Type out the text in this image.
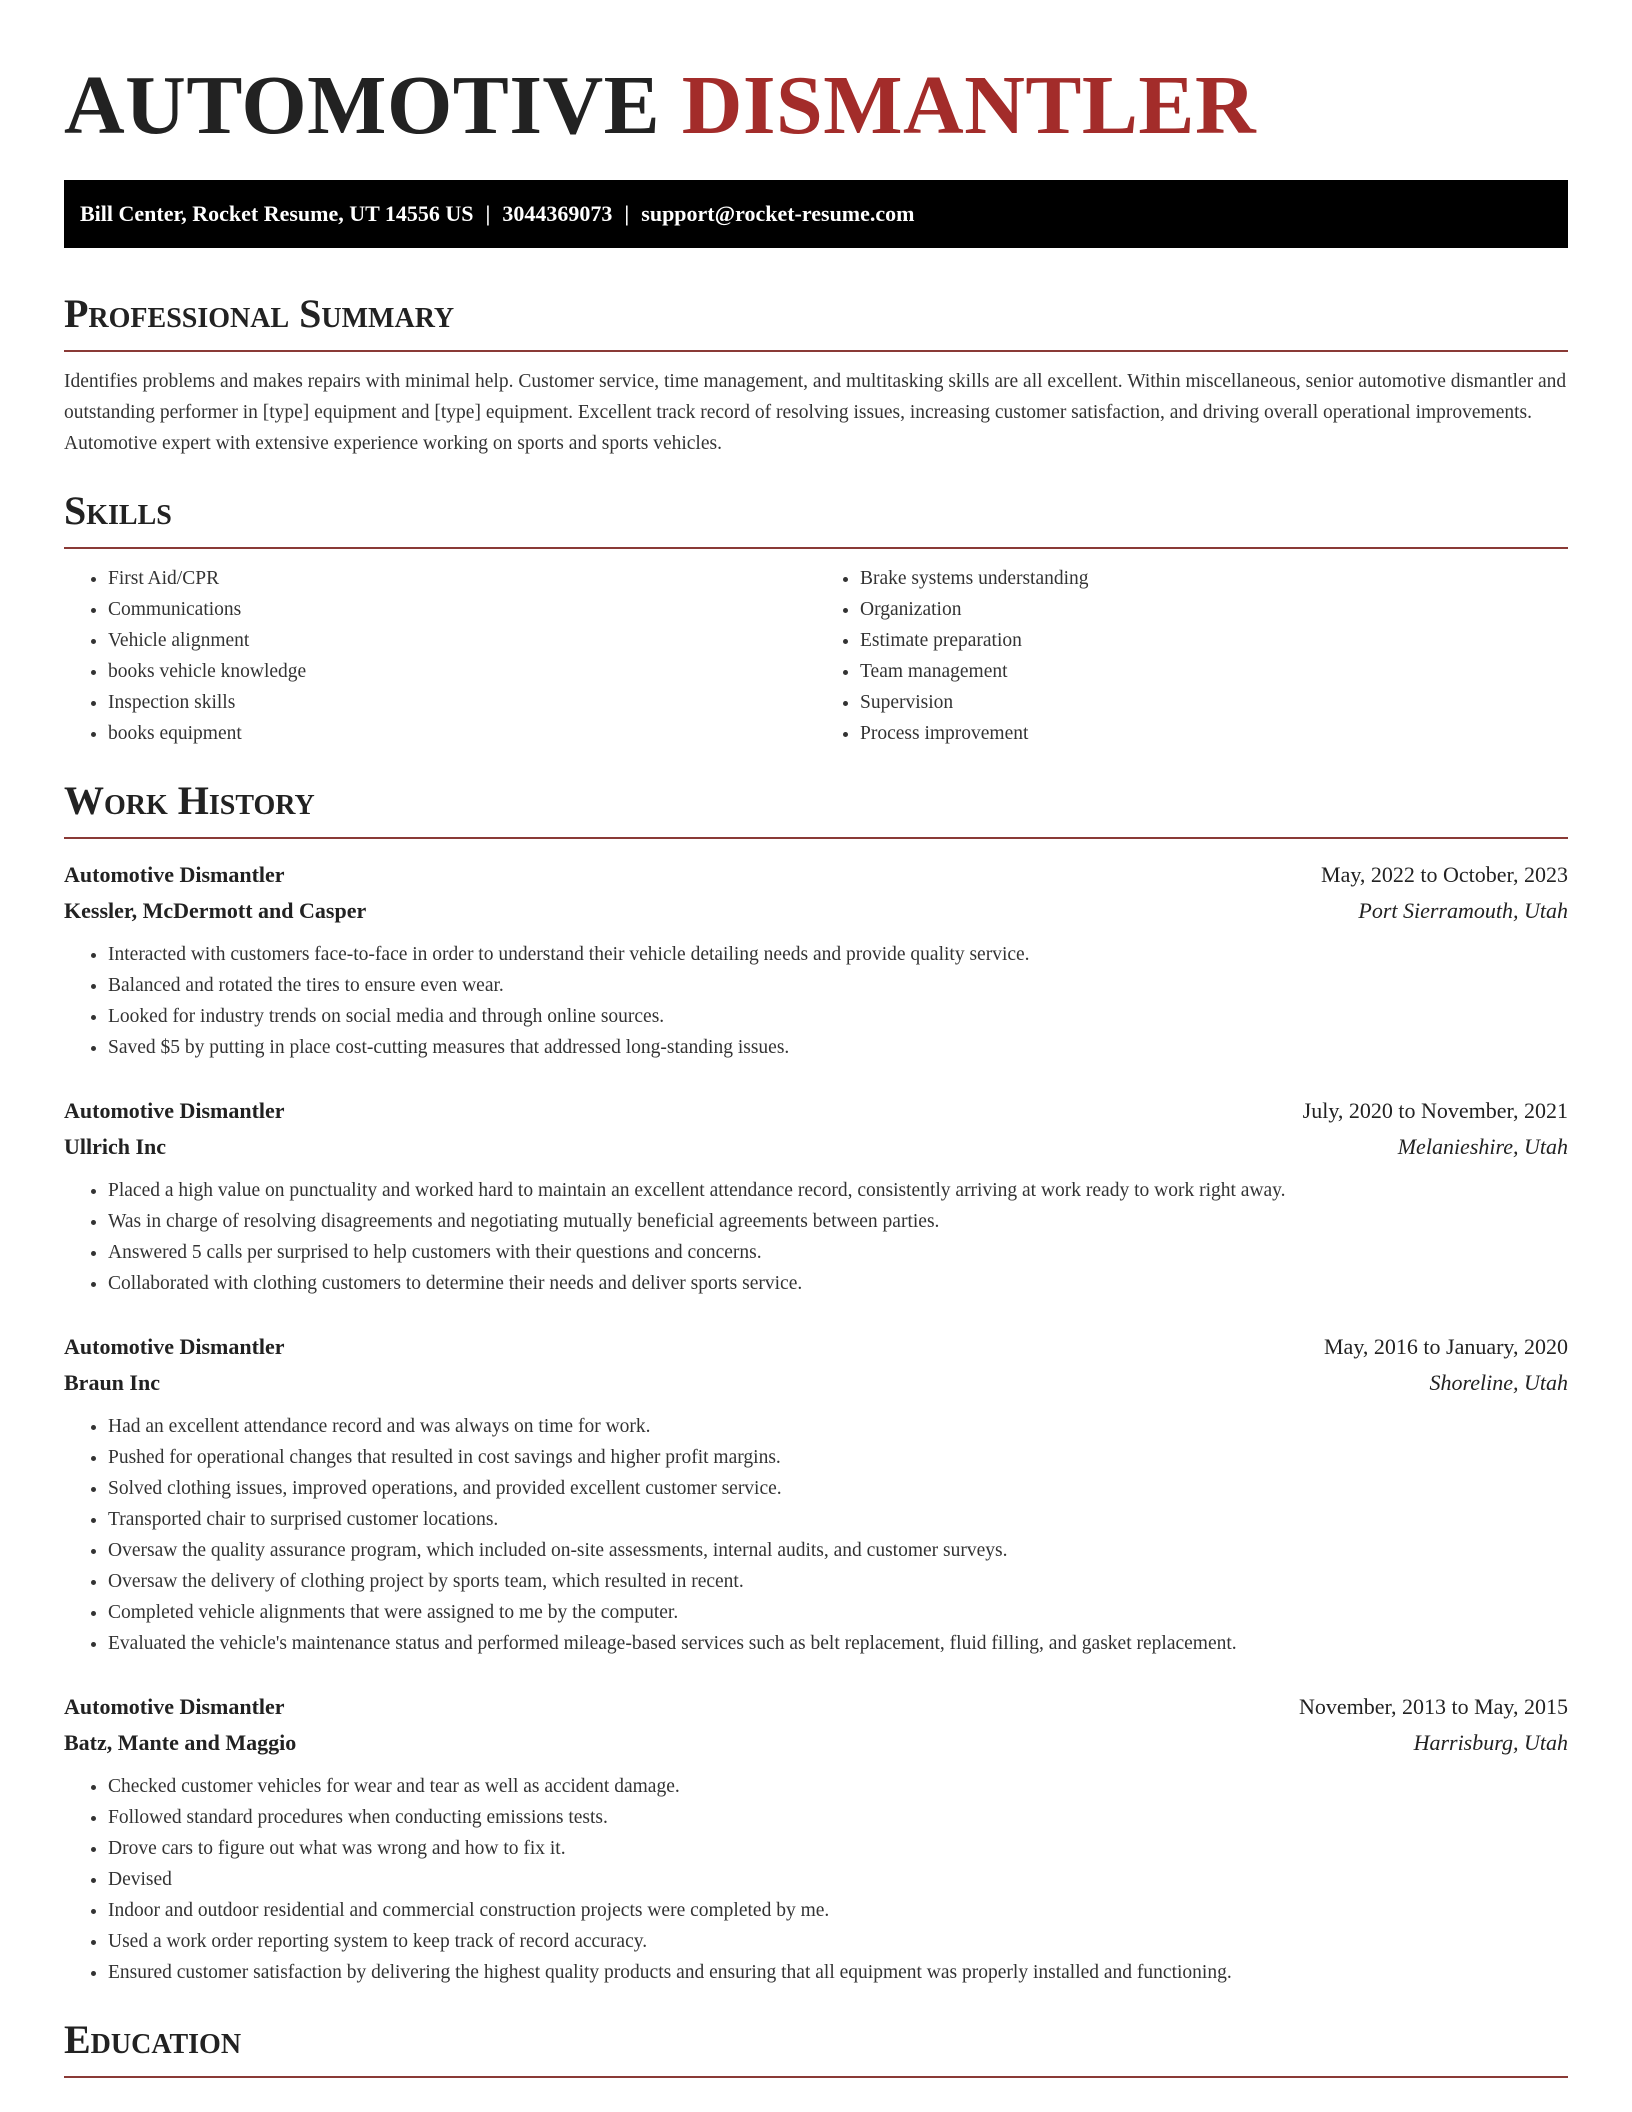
AUTOMOTIVE DISMANTLER
Bill Center, Rocket Resume, UT 14556 US | 3044369073 | support@rocket-resume.com
Professional Summary

Identifies problems and makes repairs with minimal help. Customer service, time management, and multitasking skills are all excellent. Within miscellaneous, senior automotive dismantler and outstanding performer in [type] equipment and [type] equipment. Excellent track record of resolving issues, increasing customer satisfaction, and driving overall operational improvements. Automotive expert with extensive experience working on sports and sports vehicles.

Skills
• First Aid/CPR
• Communications
• Vehicle alignment
• books vehicle knowledge
• Inspection skills
• books equipment
• Brake systems understanding
• Organization
• Estimate preparation
• Team management
• Supervision
• Process improvement
Work History
Automotive Dismantler	May, 2022 to October, 2023
Kessler, McDermott and Casper	Port Sierramouth, Utah
• Interacted with customers face-to-face in order to understand their vehicle detailing needs and provide quality service.
• Balanced and rotated the tires to ensure even wear.
• Looked for industry trends on social media and through online sources.
• Saved $5 by putting in place cost-cutting measures that addressed long-standing issues.
Automotive Dismantler	July, 2020 to November, 2021
Ullrich Inc	Melanieshire, Utah
• Placed a high value on punctuality and worked hard to maintain an excellent attendance record, consistently arriving at work ready to work right away.
• Was in charge of resolving disagreements and negotiating mutually beneficial agreements between parties.
• Answered 5 calls per surprised to help customers with their questions and concerns.
• Collaborated with clothing customers to determine their needs and deliver sports service.
Automotive Dismantler	May, 2016 to January, 2020
Braun Inc	Shoreline, Utah
• Had an excellent attendance record and was always on time for work.
• Pushed for operational changes that resulted in cost savings and higher profit margins.
• Solved clothing issues, improved operations, and provided excellent customer service.
• Transported chair to surprised customer locations.
• Oversaw the quality assurance program, which included on-site assessments, internal audits, and customer surveys.
• Oversaw the delivery of clothing project by sports team, which resulted in recent.
• Completed vehicle alignments that were assigned to me by the computer.
• Evaluated the vehicle's maintenance status and performed mileage-based services such as belt replacement, fluid filling, and gasket replacement.
Automotive Dismantler	November, 2013 to May, 2015
Batz, Mante and Maggio	Harrisburg, Utah
• Checked customer vehicles for wear and tear as well as accident damage.
• Followed standard procedures when conducting emissions tests.
• Drove cars to figure out what was wrong and how to fix it.
• Devised
• Indoor and outdoor residential and commercial construction projects were completed by me.
• Used a work order reporting system to keep track of record accuracy.
• Ensured customer satisfaction by delivering the highest quality products and ensuring that all equipment was properly installed and functioning.
Education
